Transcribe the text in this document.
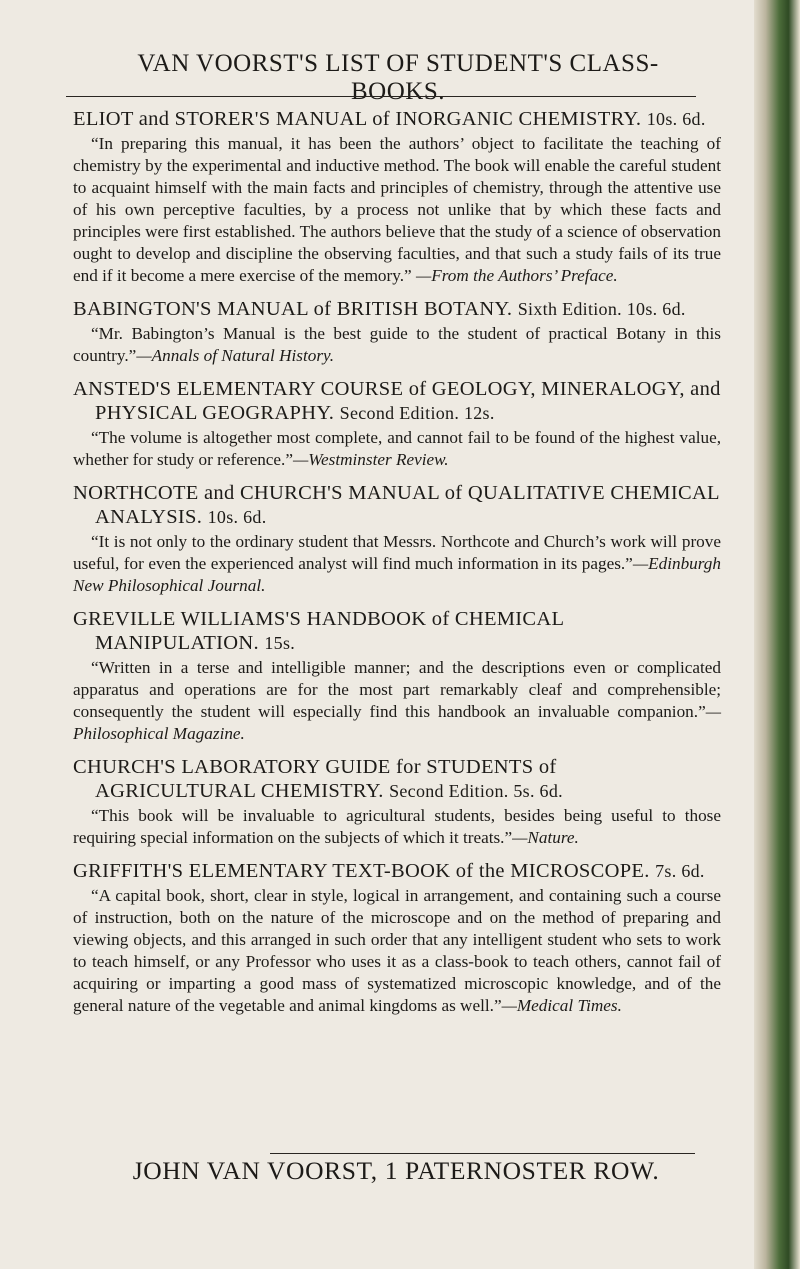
VAN VOORST'S LIST OF STUDENT'S CLASS-BOOKS.

ELIOT and STORER'S MANUAL of INORGANIC CHEMISTRY. 10s. 6d.

“In preparing this manual, it has been the authors’ object to facilitate the teaching of chemistry by the experimental and inductive method. The book will enable the careful student to acquaint himself with the main facts and principles of chemistry, through the attentive use of his own perceptive faculties, by a process not unlike that by which these facts and principles were first established. The authors believe that the study of a science of observation ought to develop and discipline the observing faculties, and that such a study fails of its true end if it become a mere exercise of the memory.” —From the Authors’ Preface.

BABINGTON'S MANUAL of BRITISH BOTANY. Sixth Edition. 10s. 6d.

“Mr. Babington’s Manual is the best guide to the student of practical Botany in this country.”—Annals of Natural History.

ANSTED'S ELEMENTARY COURSE of GEOLOGY, MINERALOGY, and PHYSICAL GEOGRAPHY. Second Edition. 12s.

“The volume is altogether most complete, and cannot fail to be found of the highest value, whether for study or reference.”—Westminster Review.

NORTHCOTE and CHURCH'S MANUAL of QUALITATIVE CHEMICAL ANALYSIS. 10s. 6d.

“It is not only to the ordinary student that Messrs. Northcote and Church’s work will prove useful, for even the experienced analyst will find much information in its pages.”—Edinburgh New Philosophical Journal.

GREVILLE WILLIAMS'S HANDBOOK of CHEMICAL MANIPULATION. 15s.

“Written in a terse and intelligible manner; and the descriptions even or complicated apparatus and operations are for the most part remarkably cleaf and comprehensible; consequently the student will especially find this handbook an invaluable companion.”—Philosophical Magazine.

CHURCH'S LABORATORY GUIDE for STUDENTS of AGRICULTURAL CHEMISTRY. Second Edition. 5s. 6d.

“This book will be invaluable to agricultural students, besides being useful to those requiring special information on the subjects of which it treats.”—Nature.

GRIFFITH'S ELEMENTARY TEXT-BOOK of the MICROSCOPE. 7s. 6d.

“A capital book, short, clear in style, logical in arrangement, and containing such a course of instruction, both on the nature of the microscope and on the method of preparing and viewing objects, and this arranged in such order that any intelligent student who sets to work to teach himself, or any Professor who uses it as a class-book to teach others, cannot fail of acquiring or imparting a good mass of systematized microscopic knowledge, and of the general nature of the vegetable and animal kingdoms as well.”—Medical Times.

JOHN VAN VOORST, 1 PATERNOSTER ROW.
